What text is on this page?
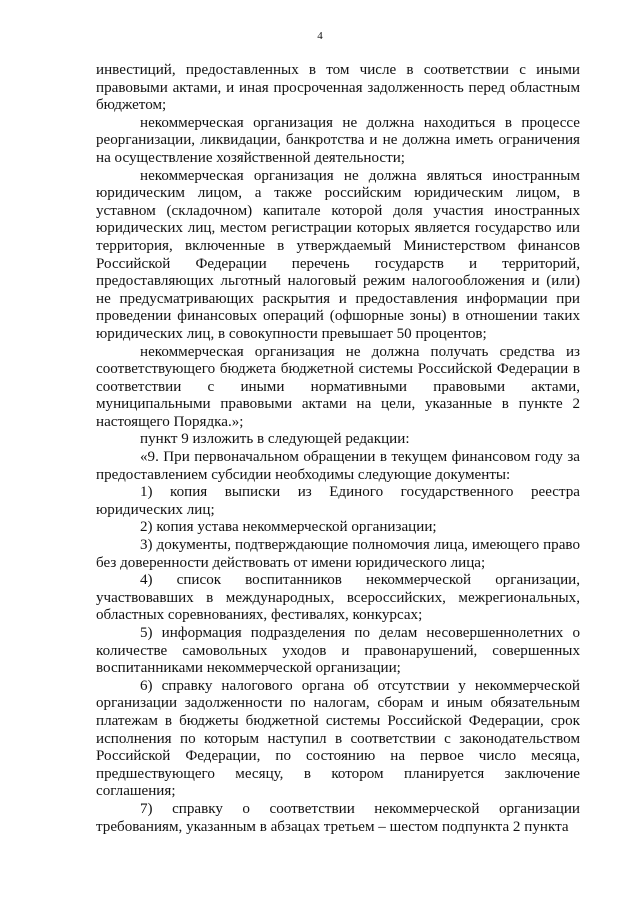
4

инвестиций, предоставленных в том числе в соответствии с иными правовыми актами, и иная просроченная задолженность перед областным бюджетом;

некоммерческая организация не должна находиться в процессе реорганизации, ликвидации, банкротства и не должна иметь ограничения на осуществление хозяйственной деятельности;

некоммерческая организация не должна являться иностранным юридическим лицом, а также российским юридическим лицом, в уставном (складочном) капитале которой доля участия иностранных юридических лиц, местом регистрации которых является государство или территория, включенные в утверждаемый Министерством финансов Российской Федерации перечень государств и территорий, предоставляющих льготный налоговый режим налогообложения и (или) не предусматривающих раскрытия и предоставления информации при проведении финансовых операций (офшорные зоны) в отношении таких юридических лиц, в совокупности превышает 50 процентов;

некоммерческая организация не должна получать средства из соответствующего бюджета бюджетной системы Российской Федерации в соответствии с иными нормативными правовыми актами, муниципальными правовыми актами на цели, указанные в пункте 2 настоящего Порядка.»;

пункт 9 изложить в следующей редакции:

«9. При первоначальном обращении в текущем финансовом году за предоставлением субсидии необходимы следующие документы:

1) копия выписки из Единого государственного реестра юридических лиц;

2) копия устава некоммерческой организации;

3) документы, подтверждающие полномочия лица, имеющего право без доверенности действовать от имени юридического лица;

4) список воспитанников некоммерческой организации, участвовавших в международных, всероссийских, межрегиональных, областных соревнованиях, фестивалях, конкурсах;

5) информация подразделения по делам несовершеннолетних о количестве самовольных уходов и правонарушений, совершенных воспитанниками некоммерческой организации;

6) справку налогового органа об отсутствии у некоммерческой организации задолженности по налогам, сборам и иным обязательным платежам в бюджеты бюджетной системы Российской Федерации, срок исполнения по которым наступил в соответствии с законодательством Российской Федерации, по состоянию на первое число месяца, предшествующего месяцу, в котором планируется заключение соглашения;

7) справку о соответствии некоммерческой организации требованиям, указанным в абзацах третьем – шестом подпункта 2 пункта
